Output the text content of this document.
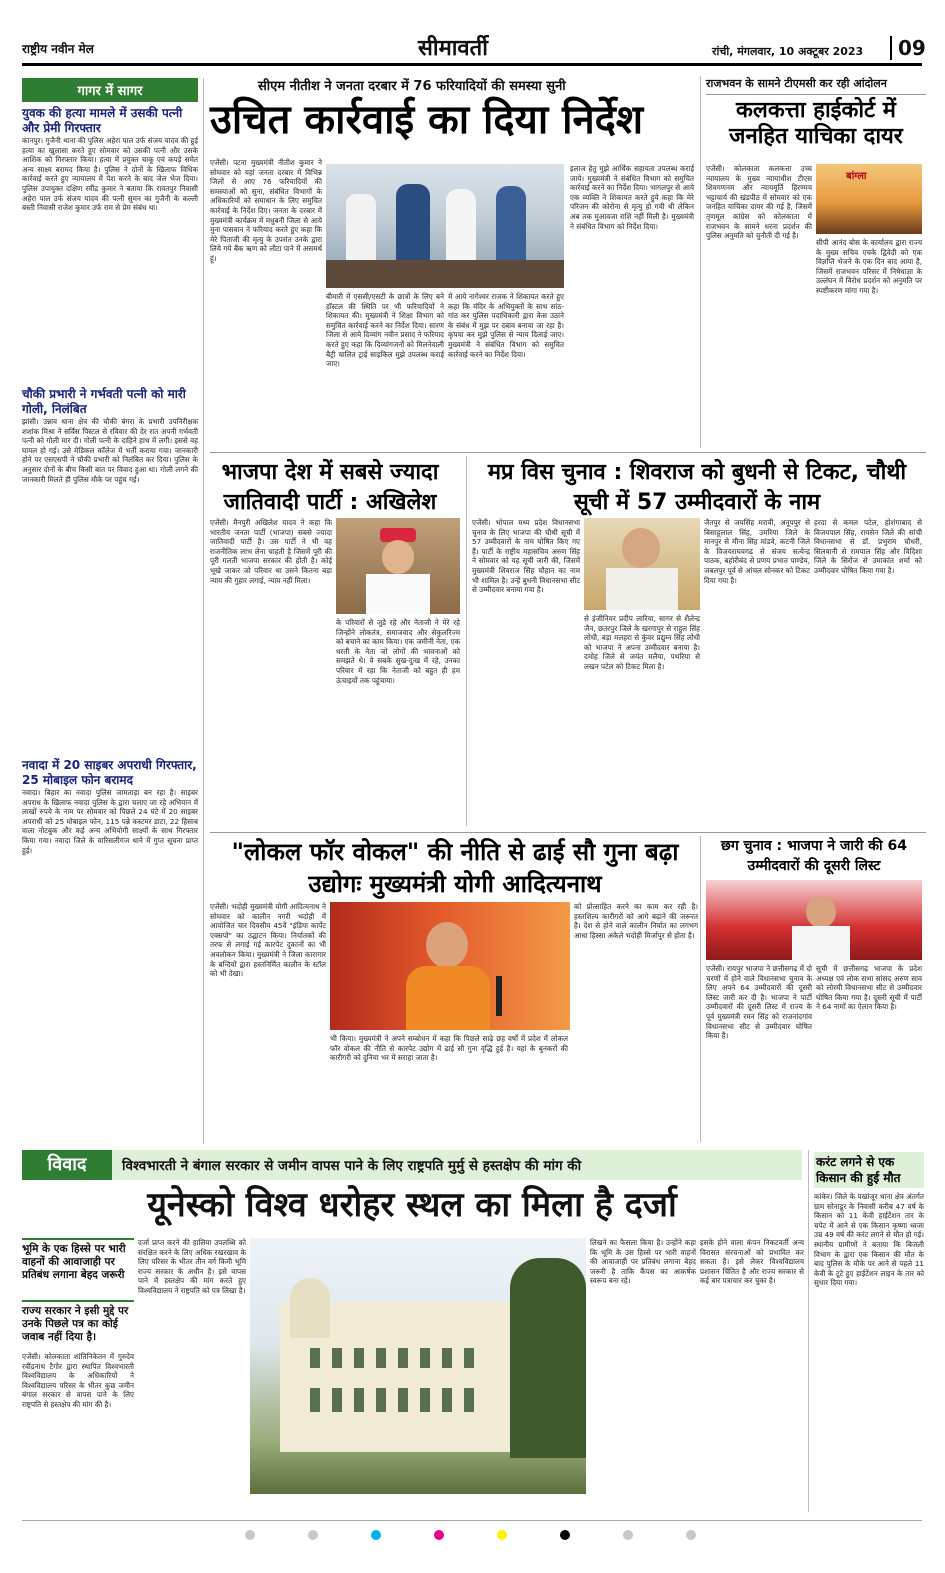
राष्ट्रीय नवीन मेल	सीमावर्ती	रांची, मंगलवार, 10 अक्टूबर 2023	09
गागर में सागर
युवक की हत्या मामले में उसकी पत्नी और प्रेमी गिरफ्तार
कानपुर। गुजैनी थाना की पुलिस अहेरा पाल उर्फ संजय यादव की हुई हत्या का खुलासा करते हुए सोमवार को उसकी पत्नी और उसके आशिक को गिरफ्तार किया। हत्या में प्रयुक्त चाकू एवं कपड़े समेत अन्य साक्ष्य बरामद किया है। पुलिस ने दोनों के खिलाफ विधिक कार्रवाई करते हुए न्यायालय में पेश करने के बाद जेल भेज दिया। पुलिस उपायुक्त दक्षिण रवींद्र कुमार ने बताया कि रावतपुर निवासी अहेरा पाल उर्फ संजय यादव की पत्नी सुमन का गुजैनी के कल्ली बस्ती निवासी राजेश कुमार उर्फ राम से प्रेम संबंध था।
चौकी प्रभारी ने गर्भवती पत्नी को मारी गोली, निलंबित
झांसी। उन्नाव थाना क्षेत्र की चौकी बंगरा के प्रभारी उपनिरीक्षक शशांक मिश्रा ने सर्विस पिस्टल से रविवार की देर रात अपनी गर्भवती पत्नी को गोली मार दी। गोली पत्नी के दाहिने हाथ में लगी। इससे वह घायल हो गई। उसे मेडिकल कॉलेज में भर्ती कराया गया। जानकारी होने पर एसएसपी ने चौकी प्रभारी को निलंबित कर दिया। पुलिस के अनुसार दोनों के बीच किसी बात पर विवाद हुआ था। गोली लगने की जानकारी मिलते ही पुलिस मौके पर पहुंच गई।
नवादा में 20 साइबर अपराधी गिरफ्तार, 25 मोबाइल फोन बरामद
नवादा। बिहार का नवादा पुलिस जामताड़ा बन रहा है। साइबर अपराध के खिलाफ नवादा पुलिस के द्वारा चलाए जा रहे अभियान में लाखों रुपये के नाम पर सोमवार को पिछले 24 घंटे में 20 साइबर अपराधी को 25 मोबाइल फोन, 115 पन्ने कस्टमर डाटा, 22 हिसाब वाला नोटबुक और कई अन्य अभियोगी साक्ष्यों के साथ गिरफ्तार किया गया। नवादा जिले के वारिसलीगंज थाने में गुप्त सूचना प्राप्त हुई।
सीएम नीतीश ने जनता दरबार में 76 फरियादियों की समस्या सुनी
उचित कार्रवाई का दिया निर्देश
एजेंसी। पटना मुख्यमंत्री नीतीश कुमार ने सोमवार को यहां जनता दरबार में विभिन्न जिलों से आए 76 फरियादियों की समस्याओं को सुना, संबंधित विभागों के अधिकारियों को समाधान के लिए समुचित कार्रवाई के निर्देश दिए। जनता के दरबार में मुख्यमंत्री कार्यक्रम में मधुबनी जिला से आये मुना पासवान ने फरियाद करते हुए कहा कि मेरे पिताजी की मृत्यु के उपरांत उनके द्वारा लिये गये बैंक ऋण को लौटा पाने में असमर्थ हूं।
बीमारी में एससी/एसटी के छात्रों के लिए बने हॉस्टल की स्थिति पर भी फरियादियों ने शिकायत की। मुख्यमंत्री ने शिक्षा विभाग को समुचित कार्रवाई करने का निर्देश दिया। सारण जिला से आये दिव्यांग नवीन प्रसाद ने फरियाद करते हुए कहा कि दिव्यांगजनों को मिलनेवाली बैट्री चालित ट्राई साइकिल मुझे उपलब्ध कराई जाए।
में आये नागेश्वर राजक ने शिकायत करते हुए कहा कि मंदिर के अभियुक्तों के साथ सांठ-गांठ कर पुलिस पदाधिकारी द्वारा केस उठाने के संबंध में मुझ पर दबाव बनाया जा रहा है। कृपया कर मुझे पुलिस से न्याय दिलाई जाए। मुख्यमंत्री ने संबंधित विभाग को समुचित कार्रवाई करने का निर्देश दिया।
इलाज हेतु मुझे आर्थिक सहायता उपलब्ध कराई जाये। मुख्यमंत्री ने संबंधित विभाग को समुचित कार्रवाई करने का निर्देश दिया। भागलपुर से आये एक व्यक्ति ने शिकायत करते हुये कहा कि मेरे परिजन की कोरोना से मृत्यु हो गयी थी लेकिन अब तक मुआवजा राशि नहीं मिली है। मुख्यमंत्री ने संबंधित विभाग को निर्देश दिया।
राजभवन के सामने टीएमसी कर रही आंदोलन
कलकत्ता हाईकोर्ट में जनहित याचिका दायर
एजेंसी। कोलकाता कलकत्ता उच्च न्यायालय के मुख्य न्यायाधीश टीएस शिवगणनम और न्यायमूर्ति हिरण्मय भट्टाचार्य की खंडपीठ में सोमवार को एक जनहित याचिका दायर की गई है, जिसमें तृणमूल कांग्रेस को कोलकाता में राजभवन के सामने धरना प्रदर्शन की पुलिस अनुमति को चुनौती दी गई है।
बांग्ला
सीपी आनंद बोस के कार्यालय द्वारा राज्य के मुख्य सचिव एचके द्विवेदी को एक विज्ञप्ति भेजने के एक दिन बाद आया है, जिसमें राजभवन परिसर में निषेधाज्ञा के उल्लंघन में विरोध प्रदर्शन को अनुमति पर स्पष्टीकरण मांगा गया है।
भाजपा देश में सबसे ज्यादा जातिवादी पार्टी : अखिलेश
एजेंसी। मैनपुरी अखिलेश यादव ने कहा कि भारतीय जनता पार्टी (भाजपा) सबसे ज्यादा जातिवादी पार्टी है। उस पार्टी ने भी वह राजनीतिक लाभ लेना चाहती है जिसमें पूरी की पूरी गलती भाजपा सरकार की होती है। कोई भूखे जाकर जो परिवार था उसने कितना बड़ा न्याय की गुहार लगाई, न्याय नहीं मिला।
के परिवारों से जुड़े रहे और नेताजी ने मेरे रहे जिन्होंने लोकतंत्र, समाजवाद और सेकुलरिज्म को बचाने का काम किया। एक जमीनी नेता, एक धरती के नेता जो लोगों की भावनाओं को समझते थे। वे सबके सुख-दुःख में रहे, उनका परिवार में रहा कि नेताजी को बहुत ही हम ऊंचाइयों तक पहुंचाया।
मप्र विस चुनाव : शिवराज को बुधनी से टिकट, चौथी सूची में 57 उम्मीदवारों के नाम
एजेंसी। भोपाल मध्य प्रदेश विधानसभा चुनाव के लिए भाजपा की चौथी सूची में 57 उम्मीदवारों के नाम घोषित किए गए हैं। पार्टी के राष्ट्रीय महासचिव अरुण सिंह ने सोमवार को यह सूची जारी की, जिसमें मुख्यमंत्री शिवराज सिंह चौहान का नाम भी शामिल है। उन्हें बुधनी विधानसभा सीट से उम्मीदवार बनाया गया है।
से इंजीनियर प्रदीप लारिया, सागर से शैलेन्द्र जैन, छतरपुर जिले के खरगापुर से राहुल सिंह लोधी, बड़ा मलहरा से कुंवर प्रद्युम्न सिंह लोधी को भाजपा ने अपना उम्मीदवार बनाया है। दमोह जिले से जयंत मलैया, पथरिया से लखन पटेल को टिकट मिला है।
जैतपुर से जयसिंह मरावी, अनूपपुर से बिसाहूलाल सिंह, उमरिया जिले के मानपुर से मीना सिंह मांडवे, कटनी जिले के विजयराघवगढ़ से संजय सत्येन्द्र पाठक, बहोरीबंद से प्रणय प्रभात पाण्डेय, जबलपुर पूर्व से आंचल सोनकर को टिकट दिया गया है।
हरदा से कमल पटेल, होशंगाबाद से विजयपाल सिंह, रायसेन जिले की सांची विधानसभा से डॉ. प्रभुराम चौधरी, सिलवानी से रामपाल सिंह और विदिशा जिले के सिरोंज से उमाकांत शर्मा को उम्मीदवार घोषित किया गया है।
"लोकल फॉर वोकल" की नीति से ढाई सौ गुना बढ़ा उद्योगः मुख्यमंत्री योगी आदित्यनाथ
एजेंसी। भदोही मुख्यमंत्री योगी आदित्यनाथ ने सोमवार को कालीन नगरी भदोही में आयोजित चार दिवसीय 45वें "इंडिया कार्पेट एक्सपो" का उद्घाटन किया। निर्यातकों की तरफ से लगाई गई कारपेट दुकानों का भी अवलोकन किया। मुख्यमंत्री ने जिला कारागार के बन्दियों द्वारा हस्तनिर्मित कालीन के स्टॉल को भी देखा।
भी किया। मुख्यमंत्री ने अपने सम्बोधन में कहा कि पिछले साढ़े छह वर्षों में प्रदेश में लोकल फॉर वोकल की नीति से कारपेट उद्योग में ढाई सौ गुना वृद्धि हुई है। यहां के बुनकरों की कारीगरी को दुनिया भर में सराहा जाता है।
को प्रोत्साहित करने का काम कर रही है। हस्तशिल्प कारीगरों को आगे बढ़ाने की जरूरत है। देश से होने वाले कालीन निर्यात का लगभग आधा हिस्सा अकेले भदोही मिर्जापुर से होता है।
छग चुनाव : भाजपा ने जारी की 64 उम्मीदवारों की दूसरी लिस्ट
एजेंसी। रायपुर भाजपा ने छत्तीसगढ़ में दो चरणों में होने वाले विधानसभा चुनाव के लिए अपने 64 उम्मीदवारों की दूसरी लिस्ट जारी कर दी है। भाजपा ने पार्टी उम्मीदवारों की दूसरी लिस्ट में राज्य के पूर्व मुख्यमंत्री रमन सिंह को राजनांदगांव विधानसभा सीट से उम्मीदवार घोषित किया है।
सूची में छत्तीसगढ़ भाजपा के प्रदेश अध्यक्ष एवं लोक सभा सांसद अरुण साव को लोरमी विधानसभा सीट से उम्मीदवार घोषित किया गया है। दूसरी सूची में पार्टी ने 64 नामों का ऐलान किया है।
विवाद	विश्वभारती ने बंगाल सरकार से जमीन वापस पाने के लिए राष्ट्रपति मुर्मु से हस्तक्षेप की मांग की
यूनेस्को विश्व धरोहर स्थल का मिला है दर्जा
भूमि के एक हिस्से पर भारी वाहनों की आवाजाही पर प्रतिबंध लगाना बेहद जरूरी
राज्य सरकार ने इसी मुद्दे पर उनके पिछले पत्र का कोई जवाब नहीं दिया है।
एजेंसी। कोलकाता शांतिनिकेतन में गुरुदेव रवींद्रनाथ टैगोर द्वारा स्थापित विश्वभारती विश्वविद्यालय के अधिकारियों ने विश्वविद्यालय परिसर के भीतर कुछ जमीन बंगाल सरकार से वापस पाने के लिए राष्ट्रपति से हस्तक्षेप की मांग की है।
दर्जा प्राप्त करने की हालिया उपलब्धि को संरक्षित करने के लिए अधिक रखरखाव के लिए परिसर के भीतर तीन वर्ग किमी भूमि राज्य सरकार के अधीन है। इसे वापस पाने में हस्तक्षेप की मांग करते हुए विश्वविद्यालय ने राष्ट्रपति को पत्र लिखा है।
लिखने का फैसला किया है। उन्होंने कहा कि भूमि के उस हिस्से पर भारी वाहनों की आवाजाही पर प्रतिबंध लगाना बेहद जरूरी है ताकि कैंपस का आकर्षक स्वरूप बना रहे।
इसके होने वाला कंपन निकटवर्ती अन्य विरासत संरचनाओं को प्रभावित कर सकता है। इसे लेकर विश्वविद्यालय प्रशासन चिंतित है और राज्य सरकार से कई बार पत्राचार कर चुका है।
करंट लगने से एक किसान की हुई मौत
कांकेर। जिले के पखांजूर थाना क्षेत्र अंतर्गत ग्राम सोनाडूर के निवासी करीब 47 वर्ष के किसान को 11 केवी हाईटेंशन तार के चपेट में आने से एक किसान कृष्णा ध्वजा उम्र 49 वर्ष की करंट लगने से मौत हो गई। स्थानीय ग्रामीणों ने बताया कि बिजली विभाग के द्वारा एक किसान की मौत के बाद पुलिस के मौके पर आने से पहले 11 केवी के टूटे हुए हाईटेंशन लाइन के तार को सुधार दिया गया।
